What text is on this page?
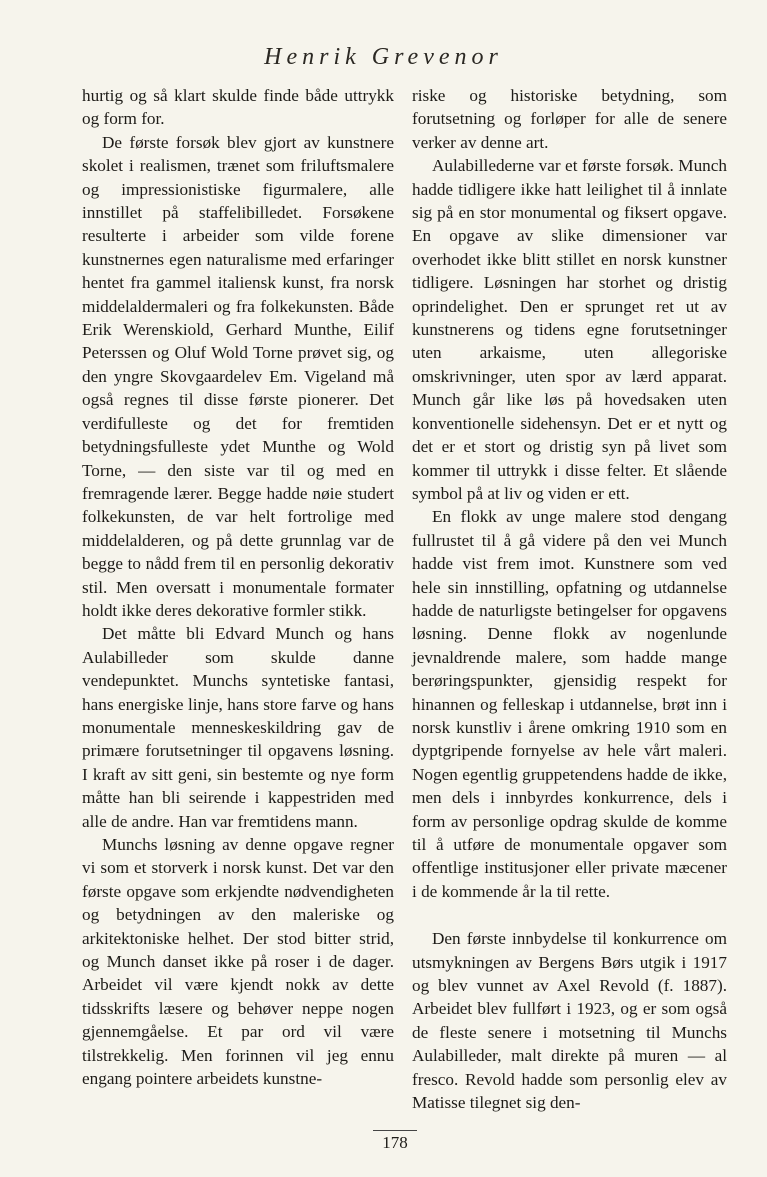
Henrik Grevenor

hurtig og så klart skulde finde både uttrykk og form for.

De første forsøk blev gjort av kunstnere skolet i realismen, trænet som friluftsmalere og impressionistiske figurmalere, alle innstillet på staffelibilledet. Forsøkene resulterte i arbeider som vilde forene kunstnernes egen naturalisme med erfaringer hentet fra gammel italiensk kunst, fra norsk middelaldermaleri og fra folkekunsten. Både Erik Werenskiold, Gerhard Munthe, Eilif Peterssen og Oluf Wold Torne prøvet sig, og den yngre Skovgaardelev Em. Vigeland må også regnes til disse første pionerer. Det verdifulleste og det for fremtiden betydningsfulleste ydet Munthe og Wold Torne, — den siste var til og med en fremragende lærer. Begge hadde nøie studert folkekunsten, de var helt fortrolige med middelalderen, og på dette grunnlag var de begge to nådd frem til en personlig dekorativ stil. Men oversatt i monumentale formater holdt ikke deres dekorative formler stikk.

Det måtte bli Edvard Munch og hans Aulabilleder som skulde danne vendepunktet. Munchs syntetiske fantasi, hans energiske linje, hans store farve og hans monumentale menneskeskildring gav de primære forutsetninger til opgavens løsning. I kraft av sitt geni, sin bestemte og nye form måtte han bli seirende i kappestriden med alle de andre. Han var fremtidens mann.

Munchs løsning av denne opgave regner vi som et storverk i norsk kunst. Det var den første opgave som erkjendte nødvendigheten og betydningen av den maleriske og arkitektoniske helhet. Der stod bitter strid, og Munch danset ikke på roser i de dager. Arbeidet vil være kjendt nokk av dette tidsskrifts læsere og behøver neppe nogen gjennemgåelse. Et par ord vil være tilstrekkelig. Men forinnen vil jeg ennu engang pointere arbeidets kunstne-

riske og historiske betydning, som forutsetning og forløper for alle de senere verker av denne art.

Aulabillederne var et første forsøk. Munch hadde tidligere ikke hatt leilighet til å innlate sig på en stor monumental og fiksert opgave. En opgave av slike dimensioner var overhodet ikke blitt stillet en norsk kunstner tidligere. Løsningen har storhet og dristig oprindelighet. Den er sprunget ret ut av kunstnerens og tidens egne forutsetninger uten arkaisme, uten allegoriske omskrivninger, uten spor av lærd apparat. Munch går like løs på hovedsaken uten konventionelle sidehensyn. Det er et nytt og det er et stort og dristig syn på livet som kommer til uttrykk i disse felter. Et slående symbol på at liv og viden er ett.

En flokk av unge malere stod dengang fullrustet til å gå videre på den vei Munch hadde vist frem imot. Kunstnere som ved hele sin innstilling, opfatning og utdannelse hadde de naturligste betingelser for opgavens løsning. Denne flokk av nogenlunde jevnaldrende malere, som hadde mange berøringspunkter, gjensidig respekt for hinannen og felleskap i utdannelse, brøt inn i norsk kunstliv i årene omkring 1910 som en dyptgripende fornyelse av hele vårt maleri. Nogen egentlig gruppetendens hadde de ikke, men dels i innbyrdes konkurrence, dels i form av personlige opdrag skulde de komme til å utføre de monumentale opgaver som offentlige institusjoner eller private mæcener i de kommende år la til rette.

Den første innbydelse til konkurrence om utsmykningen av Bergens Børs utgik i 1917 og blev vunnet av Axel Revold (f. 1887). Arbeidet blev fullført i 1923, og er som også de fleste senere i motsetning til Munchs Aulabilleder, malt direkte på muren — al fresco. Revold hadde som personlig elev av Matisse tilegnet sig den-

178
